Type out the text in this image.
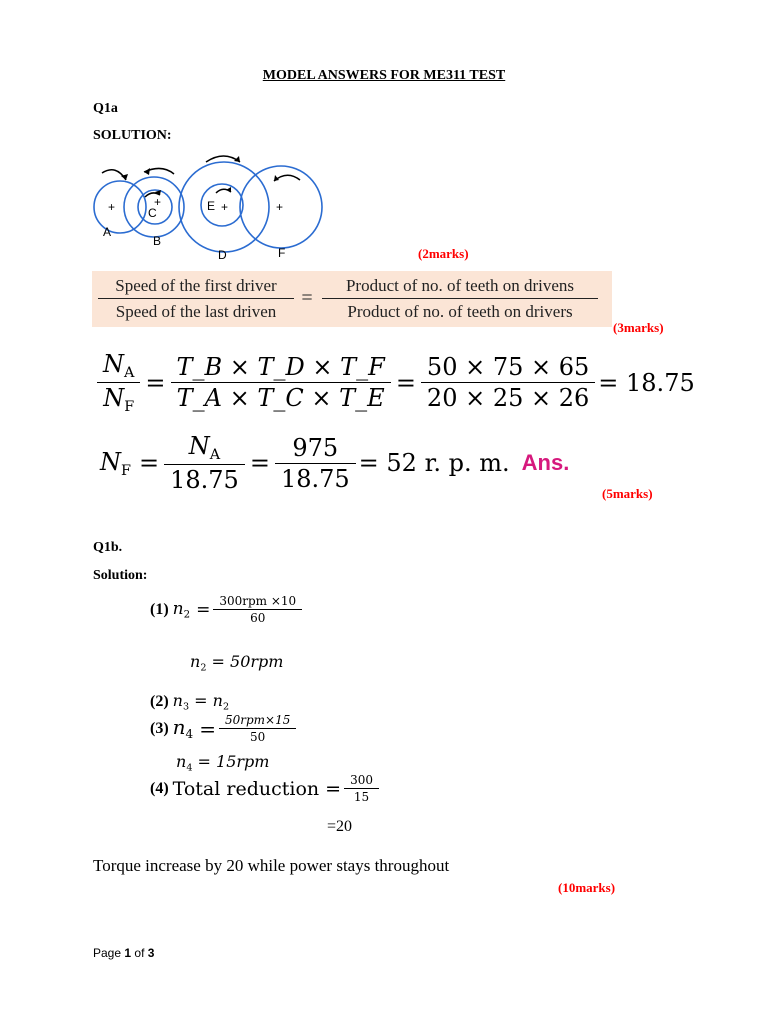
MODEL ANSWERS FOR ME311 TEST
Q1a
SOLUTION:
+	+	+	+
A
B
C
D
E
F	(2marks)
Speed of the first driver
Speed of the last driven
=
Product of no. of teeth on drivens
Product of no. of teeth on drivers
(3marks)
$\frac{N_A}{N_F} = \frac{T\_B \times T\_D \times T\_F}{T\_A \times T\_C \times T\_E} = \frac{50 \times 75 \times 65}{20 \times 25 \times 26} = 18.75$
$N_F = \frac{N_A}{18.75} = \frac{975}{18.75} = 52$ r. p. m. Ans.
(5marks)
Q1b.
Solution:
(1) $n_2 = \frac{\text{300rpm ×10}}{60}$
$n_2 = 50rpm$
(2) $n_3 = n_2$
(3) $n_4 = \frac{\text{50rpm×15}}{50}$
$n_4 = 15rpm$
(4) Total reduction = $\frac{300}{15}$
=20
Torque increase by 20 while power stays throughout
(10marks)
Page 1 of 3
